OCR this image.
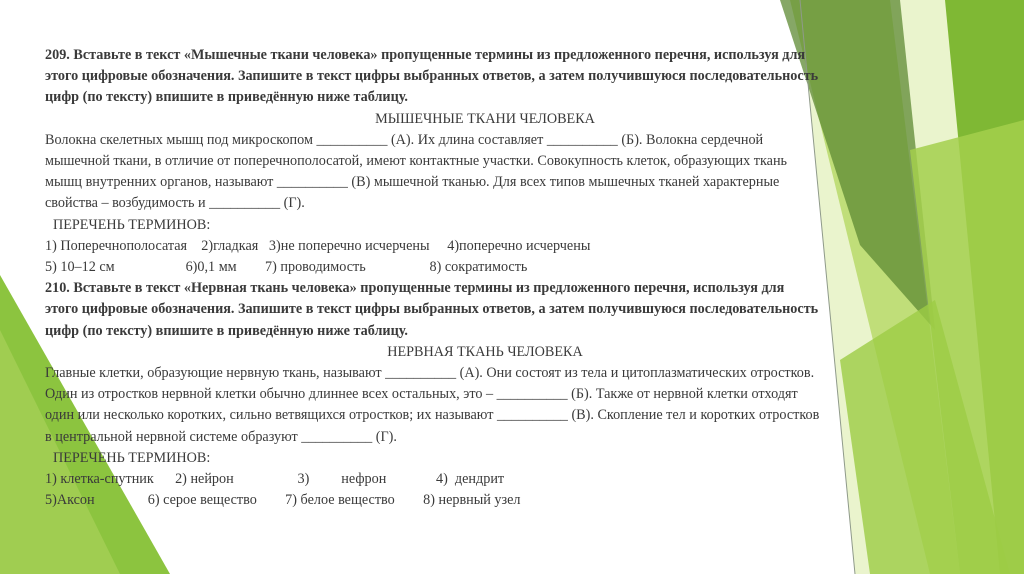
209. Вставьте в текст «Мышечные ткани человека» пропущенные термины из предложенного перечня, используя для
этого цифровые обозначения. Запишите в текст цифры выбранных ответов, а затем получившуюся последовательность
цифр (по тексту) впишите в приведённую ниже таблицу.
МЫШЕЧНЫЕ ТКАНИ ЧЕЛОВЕКА
Волокна скелетных мышц под микроскопом __________ (А). Их длина составляет __________ (Б). Волокна сердечной
мышечной ткани, в отличие от поперечнополосатой, имеют контактные участки. Совокупность клеток, образующих ткань
мышц внутренних органов, называют __________ (В) мышечной тканью. Для всех типов мышечных тканей характерные
свойства – возбудимость и __________ (Г).
ПЕРЕЧЕНЬ ТЕРМИНОВ:
1) Поперечнополосатая    2)гладкая   3)не поперечно исчерчены     4)поперечно исчерчены
5) 10–12 см                    6)0,1 мм        7) проводимость                  8) сократимость
210. Вставьте в текст «Нервная ткань человека» пропущенные термины из предложенного перечня, используя для
этого цифровые обозначения. Запишите в текст цифры выбранных ответов, а затем получившуюся последовательность
цифр (по тексту) впишите в приведённую ниже таблицу.
НЕРВНАЯ ТКАНЬ ЧЕЛОВЕКА
Главные клетки, образующие нервную ткань, называют __________ (А). Они состоят из тела и цитоплазматических отростков.
Один из отростков нервной клетки обычно длиннее всех остальных, это – __________ (Б). Также от нервной клетки отходят
один или несколько коротких, сильно ветвящихся отростков; их называют __________ (В). Скопление тел и коротких отростков
в центральной нервной системе образуют __________ (Г).
ПЕРЕЧЕНЬ ТЕРМИНОВ:
1) клетка-спутник      2) нейрон                  3)         нефрон              4)  дендрит
5)Аксон               6) серое вещество        7) белое вещество        8) нервный узел
